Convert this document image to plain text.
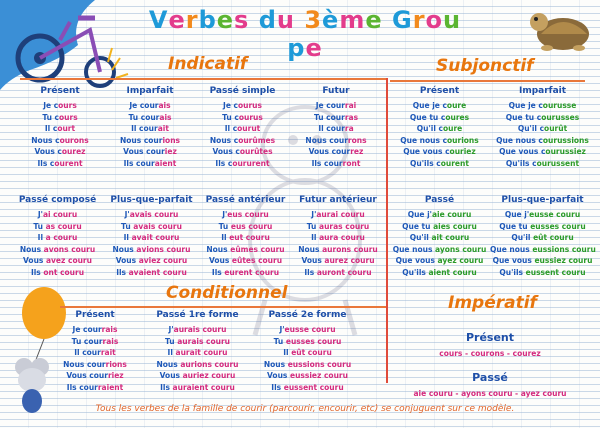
Verbes du 3ème Groupe
Indicatif	Subjonctif
Conditionnel	Impératif
Présent
Je cours
Tu cours
Il court
Nous courons
Vous courez
Ils courent
Imparfait
Je courais
Tu courais
Il courait
Nous courions
Vous couriez
Ils couraient
Passé simple
Je courus
Tu courus
Il courut
Nous courûmes
Vous courûtes
Ils coururent
Futur
Je courrai
Tu courras
Il courra
Nous courrons
Vous courrez
Ils courront
Passé composé
J'ai couru
Tu as couru
Il a couru
Nous avons couru
Vous avez couru
Ils ont couru
Plus-que-parfait
J'avais couru
Tu avais couru
Il avait couru
Nous avions couru
Vous aviez couru
Ils avaient couru
Passé antérieur
J'eus couru
Tu eus couru
Il eut couru
Nous eûmes couru
Vous eûtes couru
Ils eurent couru
Futur antérieur
J'aurai couru
Tu auras couru
Il aura couru
Nous aurons couru
Vous aurez couru
Ils auront couru
Présent
Que je coure
Que tu coures
Qu'il coure
Que nous courions
Que vous couriez
Qu'ils courent
Imparfait
Que je courusse
Que tu courusses
Qu'il courût
Que nous courussions
Que vous courussiez
Qu'ils courussent
Passé
Que j'aie couru
Que tu aies couru
Qu'il ait couru
Que nous ayons couru
Que vous ayez couru
Qu'ils aient couru
Plus-que-parfait
Que j'eusse couru
Que tu eusses couru
Qu'il eût couru
Que nous eussions couru
Que vous eussiez couru
Qu'ils eussent couru
Présent
Je courrais
Tu courrais
Il courrait
Nous courrions
Vous courriez
Ils courraient
Passé 1re forme
J'aurais couru
Tu aurais couru
Il aurait couru
Nous aurions couru
Vous auriez couru
Ils auraient couru
Passé 2e forme
J'eusse couru
Tu eusses couru
Il eût couru
Nous eussions couru
Vous eussiez couru
Ils eussent couru
Présent
cours - courons - courez
Passé
aie couru - ayons couru - ayez couru
Tous les verbes de la famille de courir (parcourir, encourir, etc) se conjuguent sur ce modèle.
